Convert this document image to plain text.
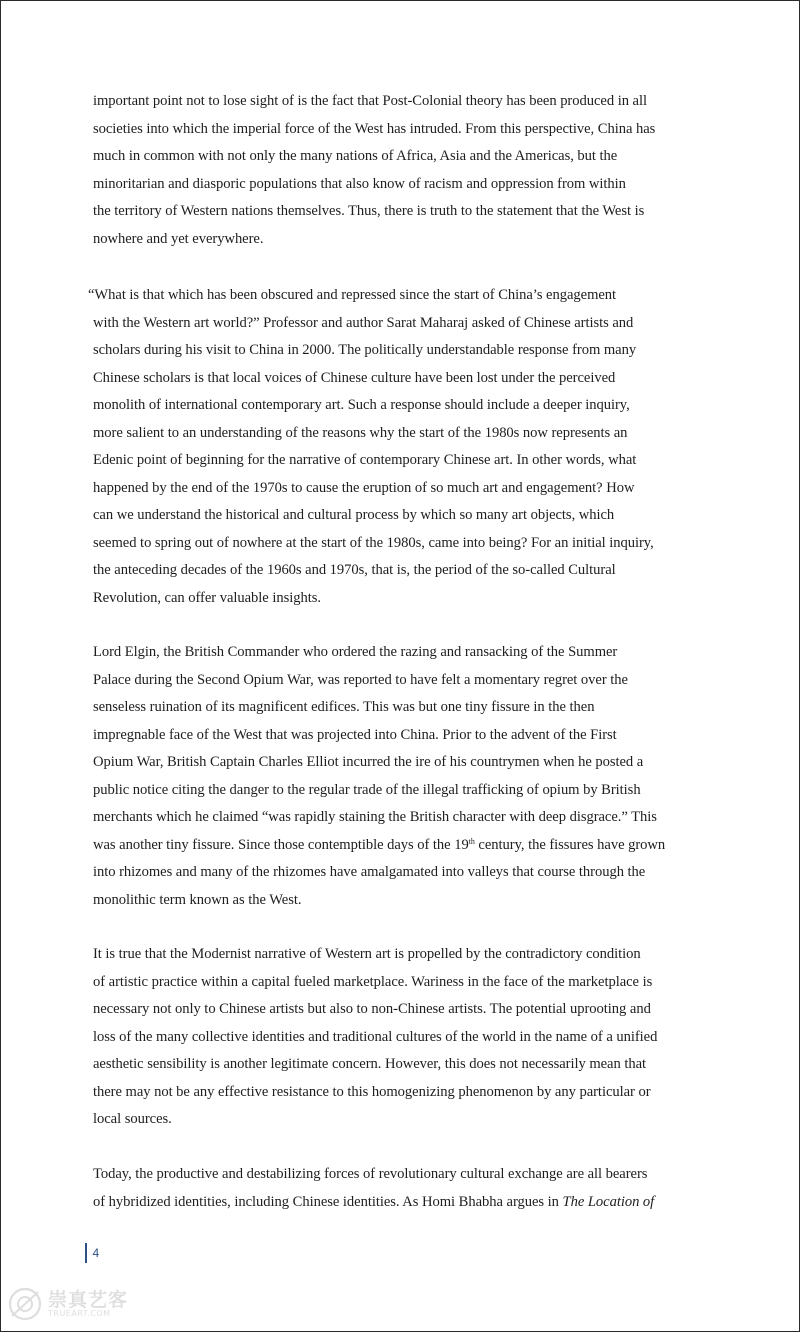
important point not to lose sight of is the fact that Post-Colonial theory has been produced in all
societies into which the imperial force of the West has intruded. From this perspective, China has
much in common with not only the many nations of Africa, Asia and the Americas, but the
minoritarian and diasporic populations that also know of racism and oppression from within
the territory of Western nations themselves. Thus, there is truth to the statement that the West is
nowhere and yet everywhere.

“What is that which has been obscured and repressed since the start of China’s engagement
with the Western art world?” Professor and author Sarat Maharaj asked of Chinese artists and
scholars during his visit to China in 2000. The politically understandable response from many
Chinese scholars is that local voices of Chinese culture have been lost under the perceived
monolith of international contemporary art. Such a response should include a deeper inquiry,
more salient to an understanding of the reasons why the start of the 1980s now represents an
Edenic point of beginning for the narrative of contemporary Chinese art. In other words, what
happened by the end of the 1970s to cause the eruption of so much art and engagement? How
can we understand the historical and cultural process by which so many art objects, which
seemed to spring out of nowhere at the start of the 1980s, came into being? For an initial inquiry,
the anteceding decades of the 1960s and 1970s, that is, the period of the so-called Cultural
Revolution, can offer valuable insights.

Lord Elgin, the British Commander who ordered the razing and ransacking of the Summer
Palace during the Second Opium War, was reported to have felt a momentary regret over the
senseless ruination of its magnificent edifices. This was but one tiny fissure in the then
impregnable face of the West that was projected into China. Prior to the advent of the First
Opium War, British Captain Charles Elliot incurred the ire of his countrymen when he posted a
public notice citing the danger to the regular trade of the illegal trafficking of opium by British
merchants which he claimed “was rapidly staining the British character with deep disgrace.” This
was another tiny fissure. Since those contemptible days of the 19th century, the fissures have grown
into rhizomes and many of the rhizomes have amalgamated into valleys that course through the
monolithic term known as the West.

It is true that the Modernist narrative of Western art is propelled by the contradictory condition
of artistic practice within a capital fueled marketplace. Wariness in the face of the marketplace is
necessary not only to Chinese artists but also to non-Chinese artists. The potential uprooting and
loss of the many collective identities and traditional cultures of the world in the name of a unified
aesthetic sensibility is another legitimate concern. However, this does not necessarily mean that
there may not be any effective resistance to this homogenizing phenomenon by any particular or
local sources.

Today, the productive and destabilizing forces of revolutionary cultural exchange are all bearers
of hybridized identities, including Chinese identities. As Homi Bhabha argues in The Location of

4
崇真艺客
TRUEART.COM
